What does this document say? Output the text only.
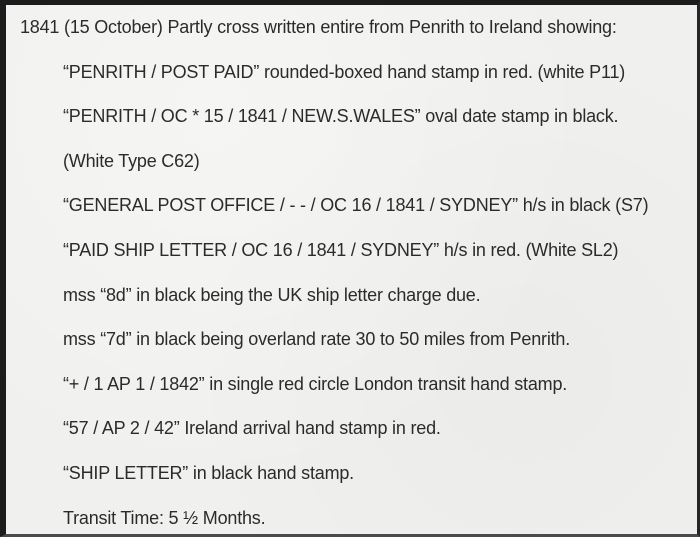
1841 (15 October) Partly cross written entire from Penrith to Ireland showing:
“PENRITH / POST PAID” rounded-boxed hand stamp in red. (white P11)
“PENRITH / OC * 15 / 1841 / NEW.S.WALES” oval date stamp in black.
(White Type C62)
“GENERAL POST OFFICE / - - / OC 16 / 1841 / SYDNEY” h/s in black (S7)
“PAID SHIP LETTER / OC 16 / 1841 / SYDNEY” h/s in red. (White SL2)
mss “8d” in black being the UK ship letter charge due.
mss “7d” in black being overland rate 30 to 50 miles from Penrith.
“+ / 1 AP 1 / 1842” in single red circle London transit hand stamp.
“57 / AP 2 / 42” Ireland arrival hand stamp in red.
“SHIP LETTER” in black hand stamp.
Transit Time: 5 ½ Months.
